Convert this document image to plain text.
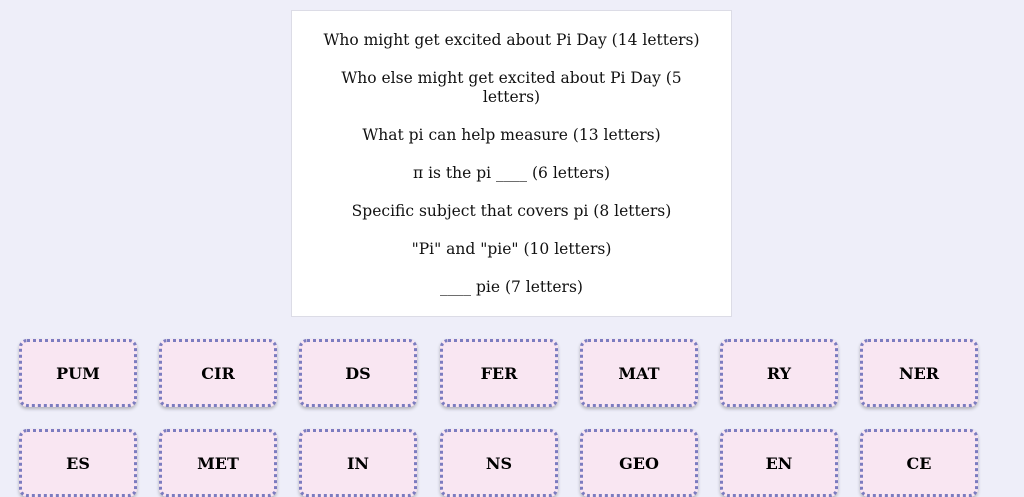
Who might get excited about Pi Day (14 letters)

Who else might get excited about Pi Day (5 letters)

What pi can help measure (13 letters)

π is the pi ____ (6 letters)

Specific subject that covers pi (8 letters)

"Pi" and "pie" (10 letters)

____ pie (7 letters)

PUM	CIR	DS	FER	MAT	RY	NER
ES	MET	IN	NS	GEO	EN	CE
